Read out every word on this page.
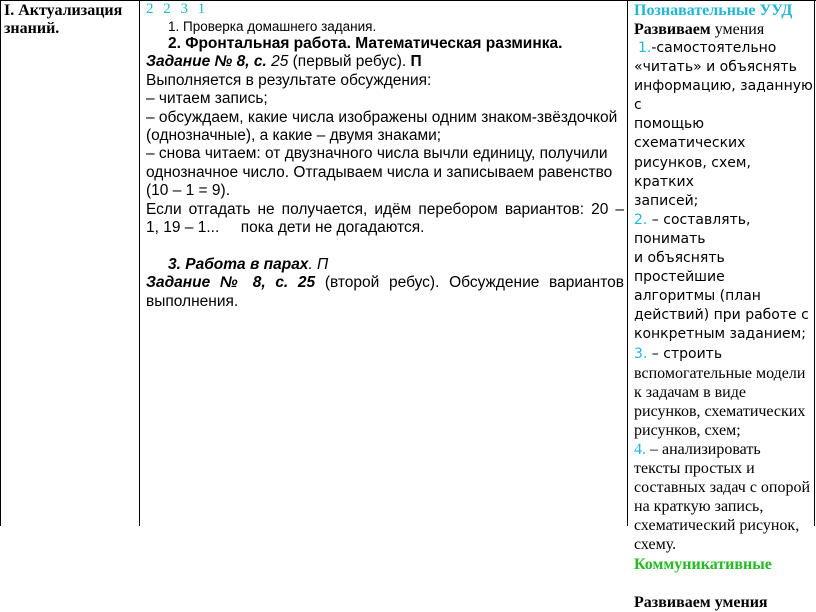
I. Актуализация
знаний.
2 2 3 1

1. Проверка домашнего задания.

2. Фронтальная работа. Математическая разминка.

Задание № 8, с. 25 (первый ребус). П

Выполняется в результате обсуждения:

– читаем запись;

– обсуждаем, какие числа изображены одним знаком-звёздочкой

(однозначные), а какие – двумя знаками;

– снова читаем: от двузначного числа вычли единицу, получили

однозначное число. Отгадываем числа и записываем равенство

(10 – 1 = 9).

Если отгадать не получается, идём перебором вариантов: 20 –

1, 19 – 1...     пока дети не догадаются.

3. Работа в парах. П

Задание № 8, с. 25 (второй ребус). Обсуждение вариантов

выполнения.

Познавательные УУД
Развиваем умения

1.-самостоятельно

«читать» и объяснять

информацию, заданную с

помощью схематических

рисунков, схем, кратких

записей;

2. – составлять, понимать

и объяснять простейшие

алгоритмы (план

действий) при работе с

конкретным заданием;

3. – строить

вспомогательные модели

к задачам в виде

рисунков, схематических

рисунков, схем;

4. – анализировать

тексты простых и

составных задач с опорой

на краткую запись,

схематический рисунок,

схему.

Коммуникативные

Развиваем умения
